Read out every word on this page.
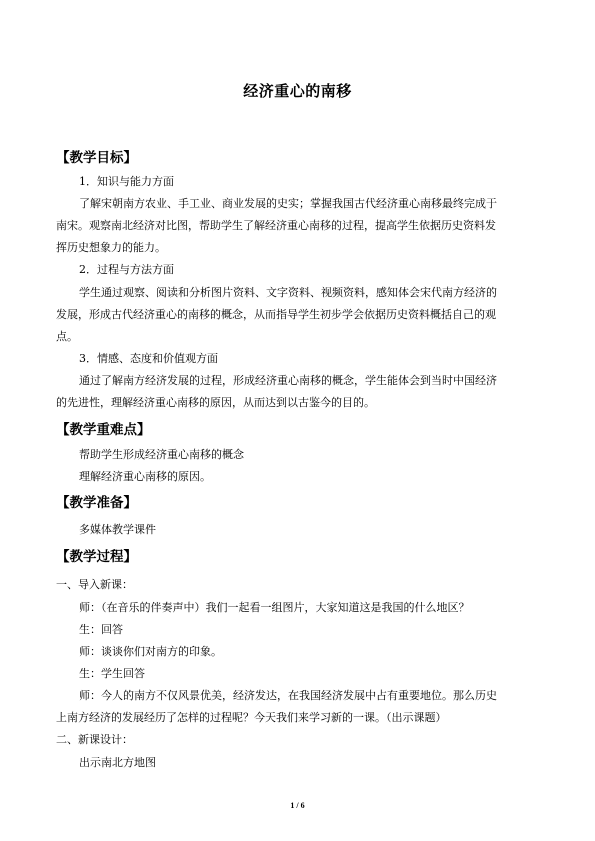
经济重心的南移
【教学目标】
1．知识与能力方面
了解宋朝南方农业、手工业、商业发展的史实；掌握我国古代经济重心南移最终完成于
南宋。观察南北经济对比图，帮助学生了解经济重心南移的过程，提高学生依据历史资料发
挥历史想象力的能力。
2．过程与方法方面
学生通过观察、阅读和分析图片资料、文字资料、视频资料，感知体会宋代南方经济的
发展，形成古代经济重心的南移的概念，从而指导学生初步学会依据历史资料概括自己的观
点。
3．情感、态度和价值观方面
通过了解南方经济发展的过程，形成经济重心南移的概念，学生能体会到当时中国经济
的先进性，理解经济重心南移的原因，从而达到以古鉴今的目的。
【教学重难点】
帮助学生形成经济重心南移的概念
理解经济重心南移的原因。
【教学准备】
多媒体教学课件
【教学过程】
一、导入新课：
师：（在音乐的伴奏声中）我们一起看一组图片，大家知道这是我国的什么地区？
生：回答
师：谈谈你们对南方的印象。
生：学生回答
师：今人的南方不仅风景优美，经济发达，在我国经济发展中占有重要地位。那么历史
上南方经济的发展经历了怎样的过程呢？今天我们来学习新的一课。（出示课题）
二、新课设计：
出示南北方地图
1 / 6
